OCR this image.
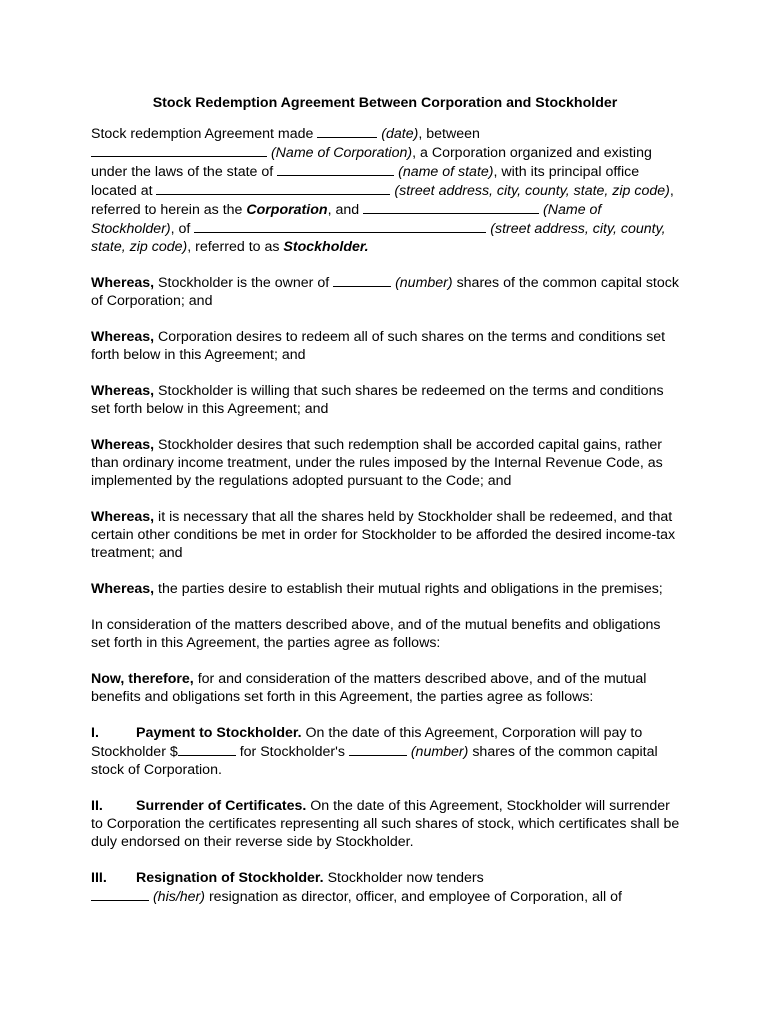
Stock Redemption Agreement Between Corporation and Stockholder

Stock redemption Agreement made	(date), between
(Name of Corporation), a Corporation organized and existing under the laws of the state of	(name of state), with its principal office located at	(street address, city, county, state, zip code), referred to herein as the Corporation, and	(Name of Stockholder), of	(street address, city, county, state, zip code), referred to as Stockholder.

Whereas, Stockholder is the owner of	(number) shares of the common capital stock of Corporation; and

Whereas, Corporation desires to redeem all of such shares on the terms and conditions set forth below in this Agreement; and

Whereas, Stockholder is willing that such shares be redeemed on the terms and conditions set forth below in this Agreement; and

Whereas, Stockholder desires that such redemption shall be accorded capital gains, rather than ordinary income treatment, under the rules imposed by the Internal Revenue Code, as implemented by the regulations adopted pursuant to the Code; and

Whereas, it is necessary that all the shares held by Stockholder shall be redeemed, and that certain other conditions be met in order for Stockholder to be afforded the desired income-tax treatment; and

Whereas, the parties desire to establish their mutual rights and obligations in the premises;

In consideration of the matters described above, and of the mutual benefits and obligations set forth in this Agreement, the parties agree as follows:

Now, therefore, for and consideration of the matters described above, and of the mutual benefits and obligations set forth in this Agreement, the parties agree as follows:

I.	Payment to Stockholder. On the date of this Agreement, Corporation will pay to Stockholder $	for Stockholder's	(number) shares of the common capital stock of Corporation.

II. Surrender of Certificates. On the date of this Agreement, Stockholder will surrender to Corporation the certificates representing all such shares of stock, which certificates shall be duly endorsed on their reverse side by Stockholder.

III. Resignation of Stockholder. Stockholder now tenders
(his/her) resignation as director, officer, and employee of Corporation, all of
